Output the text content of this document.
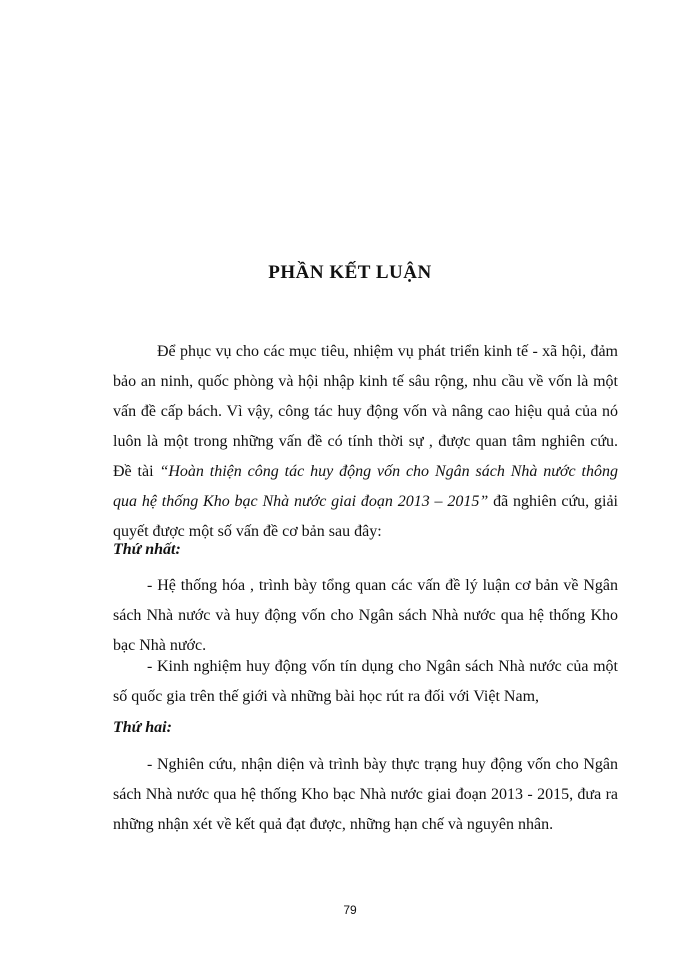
PHẦN KẾT LUẬN
Để phục vụ cho các mục tiêu, nhiệm vụ phát triển kinh tế - xã hội, đảm bảo an ninh, quốc phòng và hội nhập kinh tế sâu rộng, nhu cầu về vốn là một vấn đề cấp bách. Vì vậy, công tác huy động vốn và nâng cao hiệu quả của nó luôn là một trong những vấn đề có tính thời sự , được quan tâm nghiên cứu. Đề tài “Hoàn thiện công tác huy động vốn cho Ngân sách Nhà nước thông qua hệ thống Kho bạc Nhà nước giai đoạn 2013 – 2015” đã nghiên cứu, giải quyết được một số vấn đề cơ bản sau đây:
Thứ nhất:
- Hệ thống hóa , trình bày tổng quan các vấn đề lý luận cơ bản về Ngân sách Nhà nước và huy động vốn cho Ngân sách Nhà nước qua hệ thống Kho bạc Nhà nước.
- Kinh nghiệm huy động vốn tín dụng cho Ngân sách Nhà nước của một số quốc gia trên thế giới và những bài học rút ra đối với Việt Nam,
Thứ hai:
- Nghiên cứu, nhận diện và trình bày thực trạng huy động vốn cho Ngân sách Nhà nước qua hệ thống Kho bạc Nhà nước giai đoạn 2013 - 2015, đưa ra những nhận xét về kết quả đạt được, những hạn chế và nguyên nhân.
79
